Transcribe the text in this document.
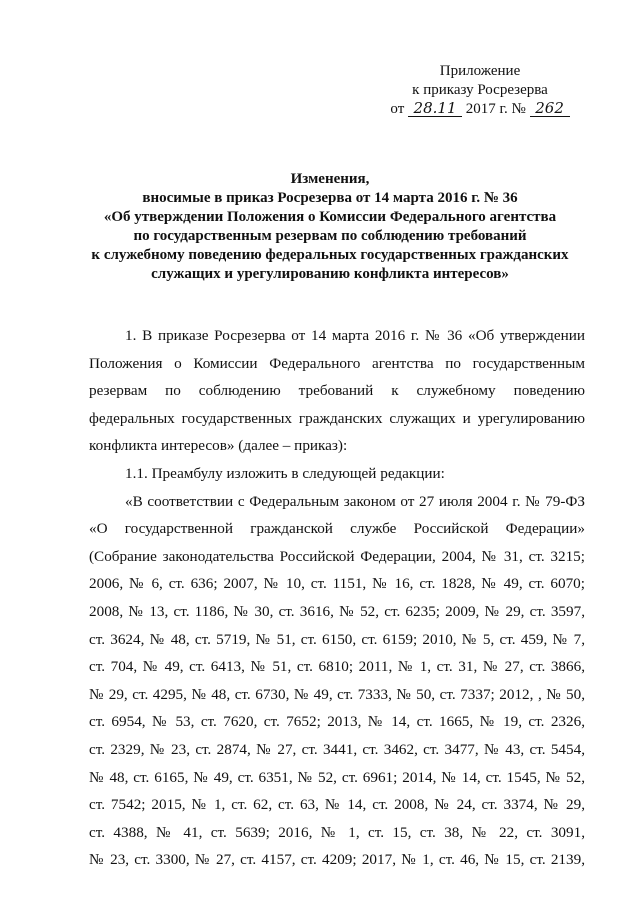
Приложение
к приказу Росрезерва
от 28.11 2017 г. № 262
Изменения,
вносимые в приказ Росрезерва от 14 марта 2016 г. № 36
«Об утверждении Положения о Комиссии Федерального агентства
по государственным резервам по соблюдению требований
к служебному поведению федеральных государственных гражданских
служащих и урегулированию конфликта интересов»
1. В приказе Росрезерва от 14 марта 2016 г. № 36 «Об утверждении
Положения о Комиссии Федерального агентства по государственным
резервам по соблюдению требований к служебному поведению
федеральных государственных гражданских служащих и урегулированию
конфликта интересов» (далее – приказ):
1.1. Преамбулу изложить в следующей редакции:
«В соответствии с Федеральным законом от 27 июля 2004 г. № 79-ФЗ
«О государственной гражданской службе Российской Федерации»
(Собрание законодательства Российской Федерации, 2004, № 31, ст. 3215;
2006, № 6, ст. 636; 2007, № 10, ст. 1151, № 16, ст. 1828, № 49, ст. 6070;
2008, № 13, ст. 1186, № 30, ст. 3616, № 52, ст. 6235; 2009, № 29, ст. 3597,
ст. 3624, № 48, ст. 5719, № 51, ст. 6150, ст. 6159; 2010, № 5, ст. 459, № 7,
ст. 704, № 49, ст. 6413, № 51, ст. 6810; 2011, № 1, ст. 31, № 27, ст. 3866,
№ 29, ст. 4295, № 48, ст. 6730, № 49, ст. 7333, № 50, ст. 7337; 2012, , № 50,
ст. 6954, № 53, ст. 7620, ст. 7652; 2013, № 14, ст. 1665, № 19, ст. 2326,
ст. 2329, № 23, ст. 2874, № 27, ст. 3441, ст. 3462, ст. 3477, № 43, ст. 5454,
№ 48, ст. 6165, № 49, ст. 6351, № 52, ст. 6961; 2014, № 14, ст. 1545, № 52,
ст. 7542; 2015, № 1, ст. 62, ст. 63, № 14, ст. 2008, № 24, ст. 3374, № 29,
ст. 4388, № 41, ст. 5639; 2016, № 1, ст. 15, ст. 38, № 22, ст. 3091,
№ 23, ст. 3300, № 27, ст. 4157, ст. 4209; 2017, № 1, ст. 46, № 15, ст. 2139,
